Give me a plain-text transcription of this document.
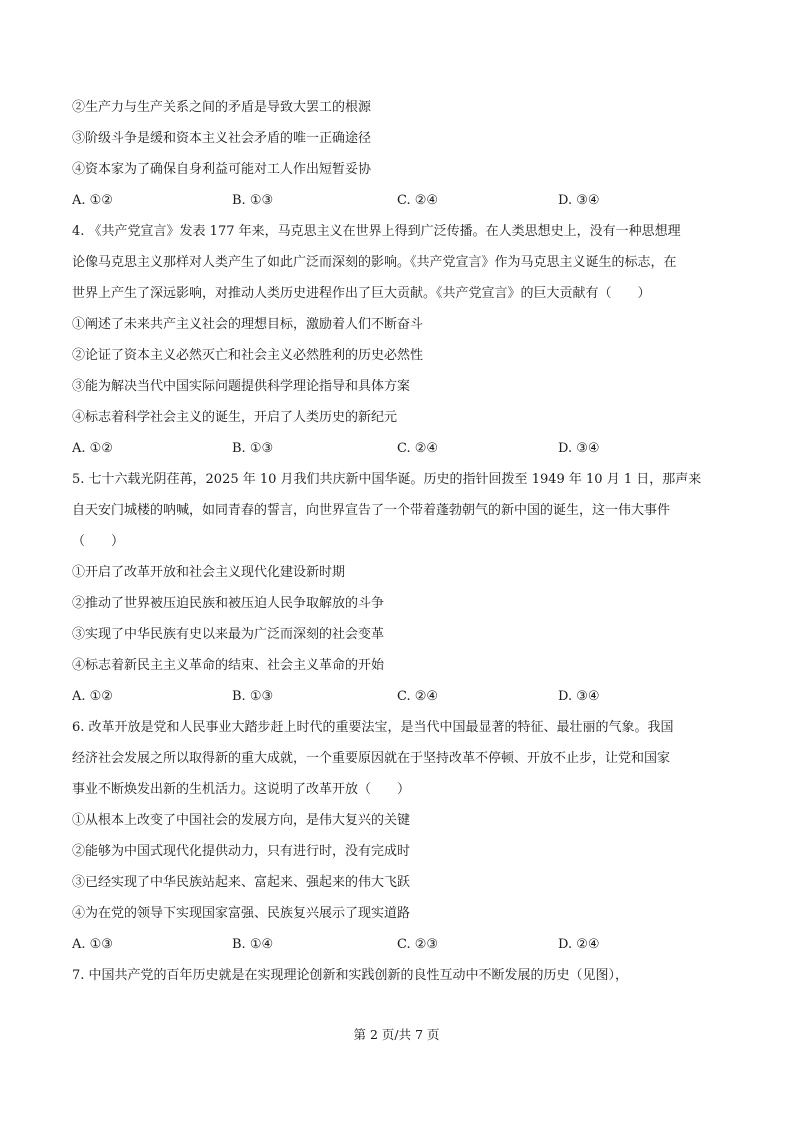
②生产力与生产关系之间的矛盾是导致大罢工的根源
③阶级斗争是缓和资本主义社会矛盾的唯一正确途径
④资本家为了确保自身利益可能对工人作出短暂妥协
A. ①②	B. ①③	C. ②④	D. ③④
4. 《共产党宣言》发表 177 年来，马克思主义在世界上得到广泛传播。在人类思想史上，没有一种思想理
论像马克思主义那样对人类产生了如此广泛而深刻的影响。《共产党宣言》作为马克思主义诞生的标志，在
世界上产生了深远影响，对推动人类历史进程作出了巨大贡献。《共产党宣言》的巨大贡献有（　　）
①阐述了未来共产主义社会的理想目标，激励着人们不断奋斗
②论证了资本主义必然灭亡和社会主义必然胜利的历史必然性
③能为解决当代中国实际问题提供科学理论指导和具体方案
④标志着科学社会主义的诞生，开启了人类历史的新纪元
A. ①②	B. ①③	C. ②④	D. ③④
5. 七十六载光阴荏苒，2025 年 10 月我们共庆新中国华诞。历史的指针回拨至 1949 年 10 月 1 日，那声来
自天安门城楼的呐喊，如同青春的誓言，向世界宣告了一个带着蓬勃朝气的新中国的诞生，这一伟大事件
（　　）
①开启了改革开放和社会主义现代化建设新时期
②推动了世界被压迫民族和被压迫人民争取解放的斗争
③实现了中华民族有史以来最为广泛而深刻的社会变革
④标志着新民主主义革命的结束、社会主义革命的开始
A. ①②	B. ①③	C. ②④	D. ③④
6. 改革开放是党和人民事业大踏步赶上时代的重要法宝，是当代中国最显著的特征、最壮丽的气象。我国
经济社会发展之所以取得新的重大成就，一个重要原因就在于坚持改革不停顿、开放不止步，让党和国家
事业不断焕发出新的生机活力。这说明了改革开放（　　）
①从根本上改变了中国社会的发展方向，是伟大复兴的关键
②能够为中国式现代化提供动力，只有进行时，没有完成时
③已经实现了中华民族站起来、富起来、强起来的伟大飞跃
④为在党的领导下实现国家富强、民族复兴展示了现实道路
A. ①③	B. ①④	C. ②③	D. ②④
7. 中国共产党的百年历史就是在实现理论创新和实践创新的良性互动中不断发展的历史（见图），
第 2 页/共 7 页
